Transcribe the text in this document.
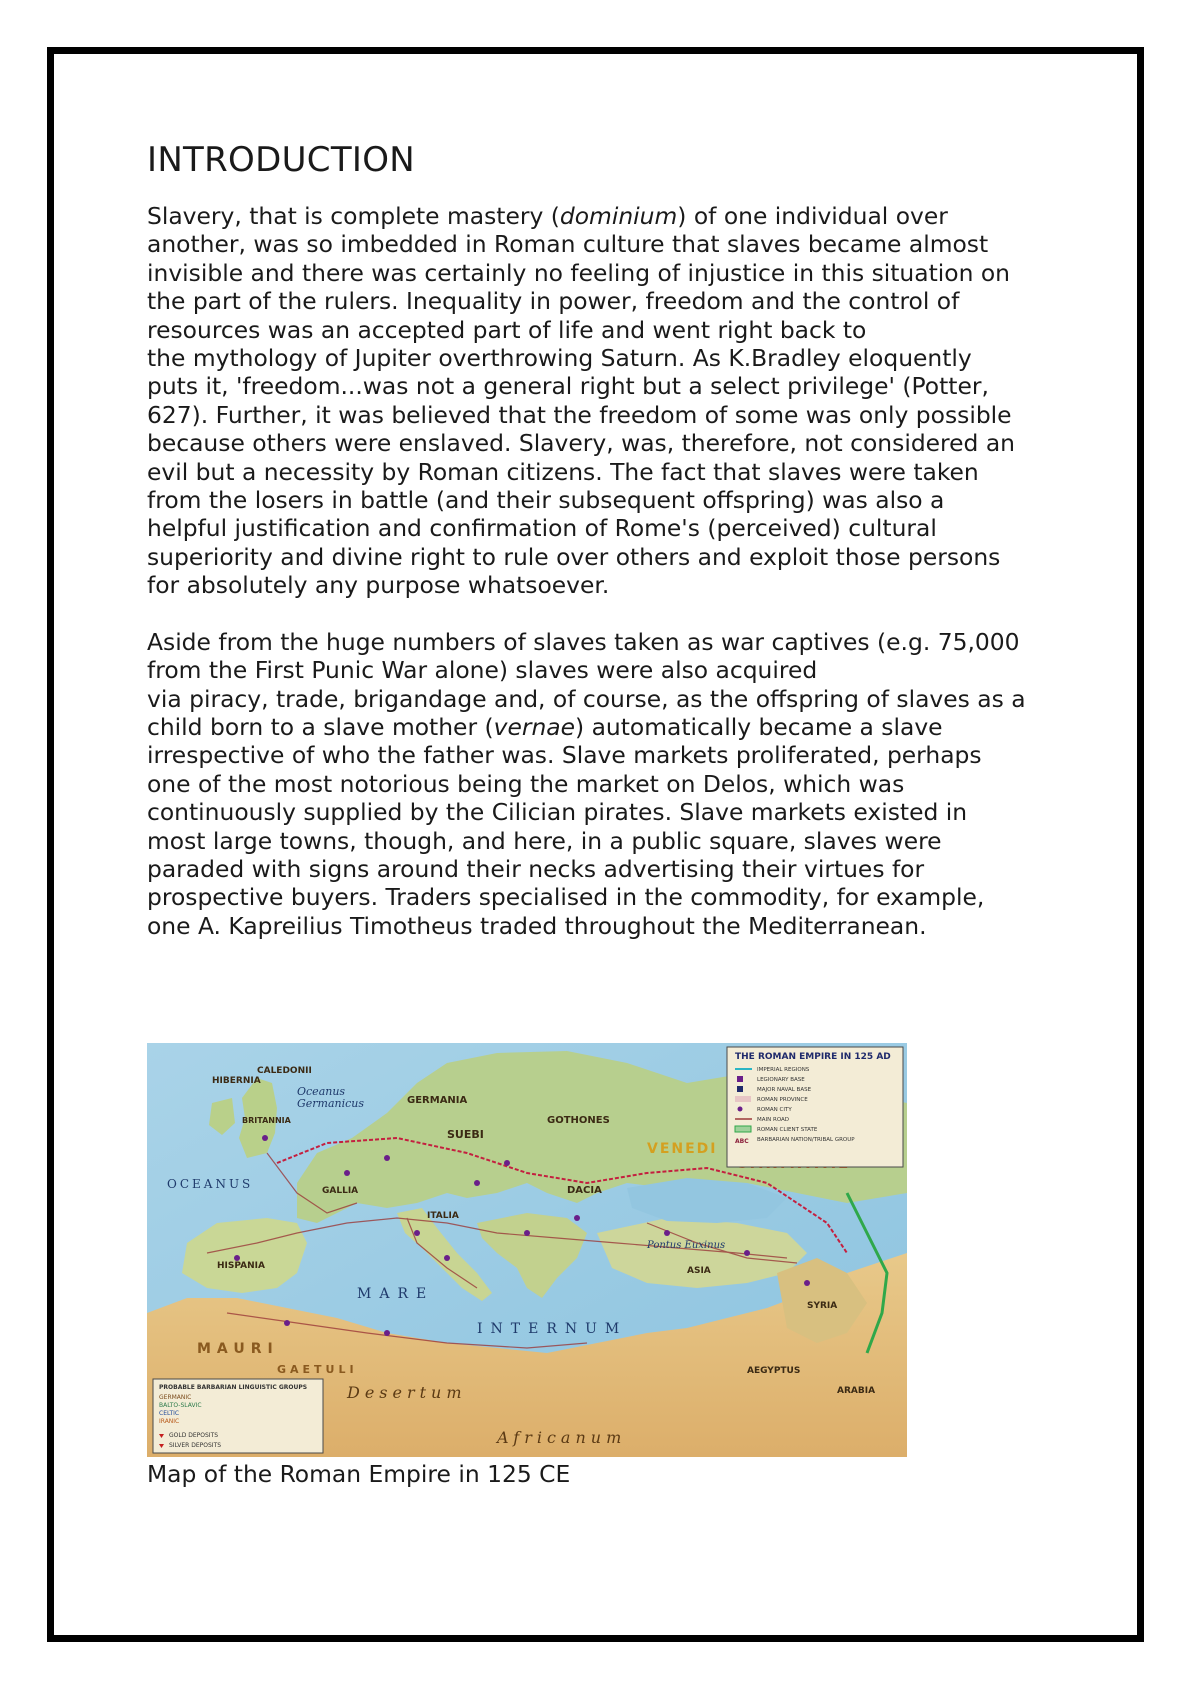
INTRODUCTION

Slavery, that is complete mastery (dominium) of one individual over
another, was so imbedded in Roman culture that slaves became almost
invisible and there was certainly no feeling of injustice in this situation on
the part of the rulers. Inequality in power, freedom and the control of
resources was an accepted part of life and went right back to
the mythology of Jupiter overthrowing Saturn. As K.Bradley eloquently
puts it, 'freedom...was not a general right but a select privilege' (Potter,
627). Further, it was believed that the freedom of some was only possible
because others were enslaved. Slavery, was, therefore, not considered an
evil but a necessity by Roman citizens. The fact that slaves were taken
from the losers in battle (and their subsequent offspring) was also a
helpful justification and confirmation of Rome's (perceived) cultural
superiority and divine right to rule over others and exploit those persons
for absolutely any purpose whatsoever.

Aside from the huge numbers of slaves taken as war captives (e.g. 75,000
from the First Punic War alone) slaves were also acquired
via piracy, trade, brigandage and, of course, as the offspring of slaves as a
child born to a slave mother (vernae) automatically became a slave
irrespective of who the father was. Slave markets proliferated, perhaps
one of the most notorious being the market on Delos, which was
continuously supplied by the Cilician pirates. Slave markets existed in
most large towns, though, and here, in a public square, slaves were
paraded with signs around their necks advertising their virtues for
prospective buyers. Traders specialised in the commodity, for example,
one A. Kapreilius Timotheus traded throughout the Mediterranean.

Oceanus
Germanicus
OCEANUS
Pontus Euxinus
MARE
INTERNUM
HIBERNIA
CALEDONII
BRITANNIA
GERMANIA
SUEBI
GOTHONES
VENEDI
DACIA
ITALIA
HISPANIA
GALLIA
ASIA
SYRIA
AEGYPTUS
ARABIA
MAURI
GAETULI
Desertum
Africanum
THE ROMAN EMPIRE IN 125 AD
IMPERIAL REGIONS
LEGIONARY BASE
MAJOR NAVAL BASE
ROMAN PROVINCE
ROMAN CITY
MAIN ROAD
ROMAN CLIENT STATE
BARBARIAN NATION/TRIBAL GROUP
ABC
PROBABLE BARBARIAN LINGUISTIC GROUPS
GERMANIC
BALTO-SLAVIC
CELTIC
IRANIC
GOLD DEPOSITS
SILVER DEPOSITS
Map of the Roman Empire in 125 CE
